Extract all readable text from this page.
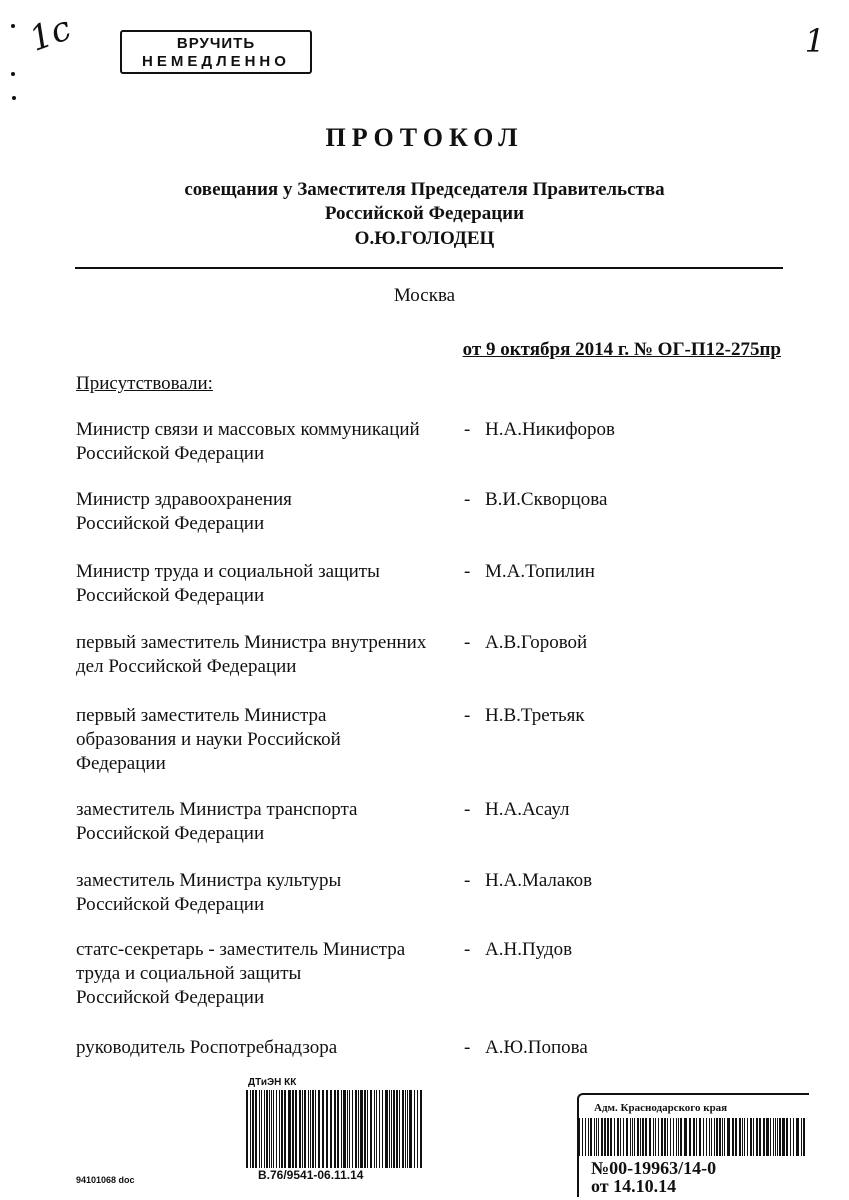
1с	ВРУЧИТЬ
НЕМЕДЛЕННО
1
ПРОТОКОЛ
совещания у Заместителя Председателя Правительства
Российской Федерации
О.Ю.ГОЛОДЕЦ
Москва
от 9 октября 2014 г. № ОГ-П12-275пр
Присутствовали:
Министр связи и массовых коммуникаций
Российской Федерации
- Н.А.Никифоров
Министр здравоохранения
Российской Федерации
- В.И.Скворцова
Министр труда и социальной защиты
Российской Федерации
- М.А.Топилин
первый заместитель Министра внутренних
дел Российской Федерации
- А.В.Горовой
первый заместитель Министра
образования и науки Российской
Федерации
- Н.В.Третьяк
заместитель Министра транспорта
Российской Федерации
- Н.А.Асаул
заместитель Министра культуры
Российской Федерации
- Н.А.Малаков
статс-секретарь - заместитель Министра
труда и социальной защиты
Российской Федерации
- А.Н.Пудов
руководитель Роспотребнадзора	- А.Ю.Попова
ДТиЭН КК
В.76/9541-06.11.14
94101068 doc
Адм. Краснодарского края
№00-19963/14-0
от 14.10.14
